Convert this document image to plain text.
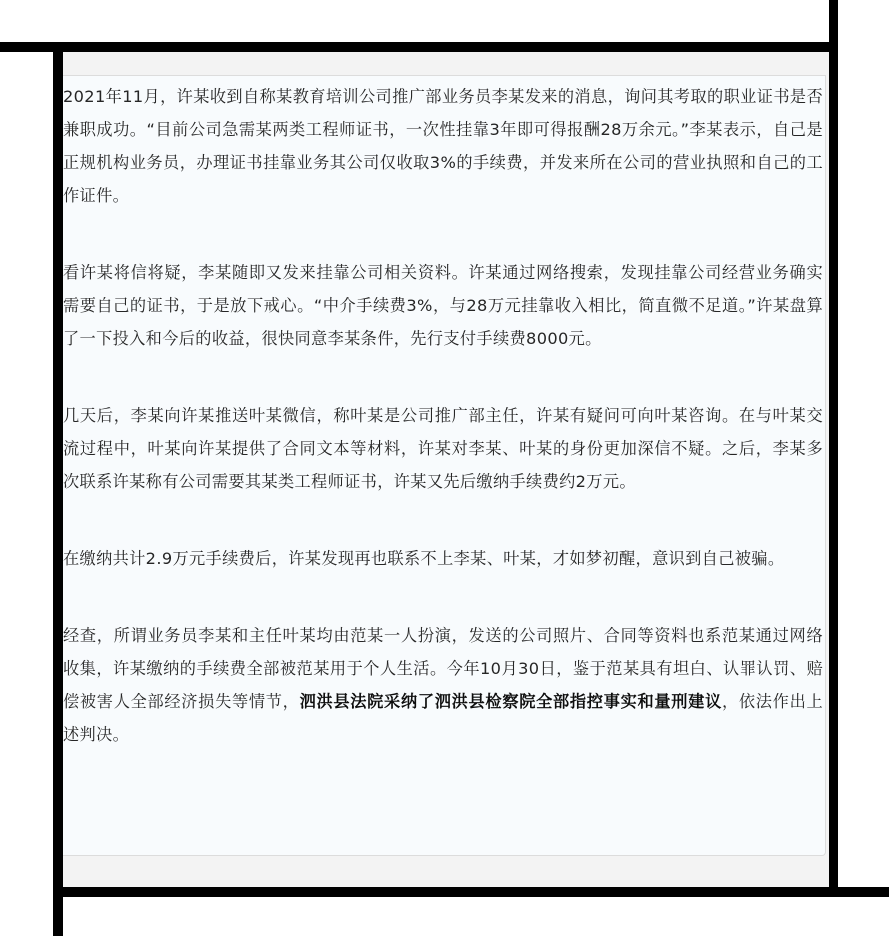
2021年11月，许某收到自称某教育培训公司推广部业务员李某发来的消息，询问其考取的职业证书是否兼职成功。“目前公司急需某两类工程师证书，一次性挂靠3年即可得报酬28万余元。”李某表示，自己是正规机构业务员，办理证书挂靠业务其公司仅收取3%的手续费，并发来所在公司的营业执照和自己的工作证件。

看许某将信将疑，李某随即又发来挂靠公司相关资料。许某通过网络搜索，发现挂靠公司经营业务确实需要自己的证书，于是放下戒心。“中介手续费3%，与28万元挂靠收入相比，简直微不足道。”许某盘算了一下投入和今后的收益，很快同意李某条件，先行支付手续费8000元。

几天后，李某向许某推送叶某微信，称叶某是公司推广部主任，许某有疑问可向叶某咨询。在与叶某交流过程中，叶某向许某提供了合同文本等材料，许某对李某、叶某的身份更加深信不疑。之后，李某多次联系许某称有公司需要其某类工程师证书，许某又先后缴纳手续费约2万元。

在缴纳共计2.9万元手续费后，许某发现再也联系不上李某、叶某，才如梦初醒，意识到自己被骗。

经查，所谓业务员李某和主任叶某均由范某一人扮演，发送的公司照片、合同等资料也系范某通过网络收集，许某缴纳的手续费全部被范某用于个人生活。今年10月30日，鉴于范某具有坦白、认罪认罚、赔偿被害人全部经济损失等情节，泗洪县法院采纳了泗洪县检察院全部指控事实和量刑建议，依法作出上述判决。
